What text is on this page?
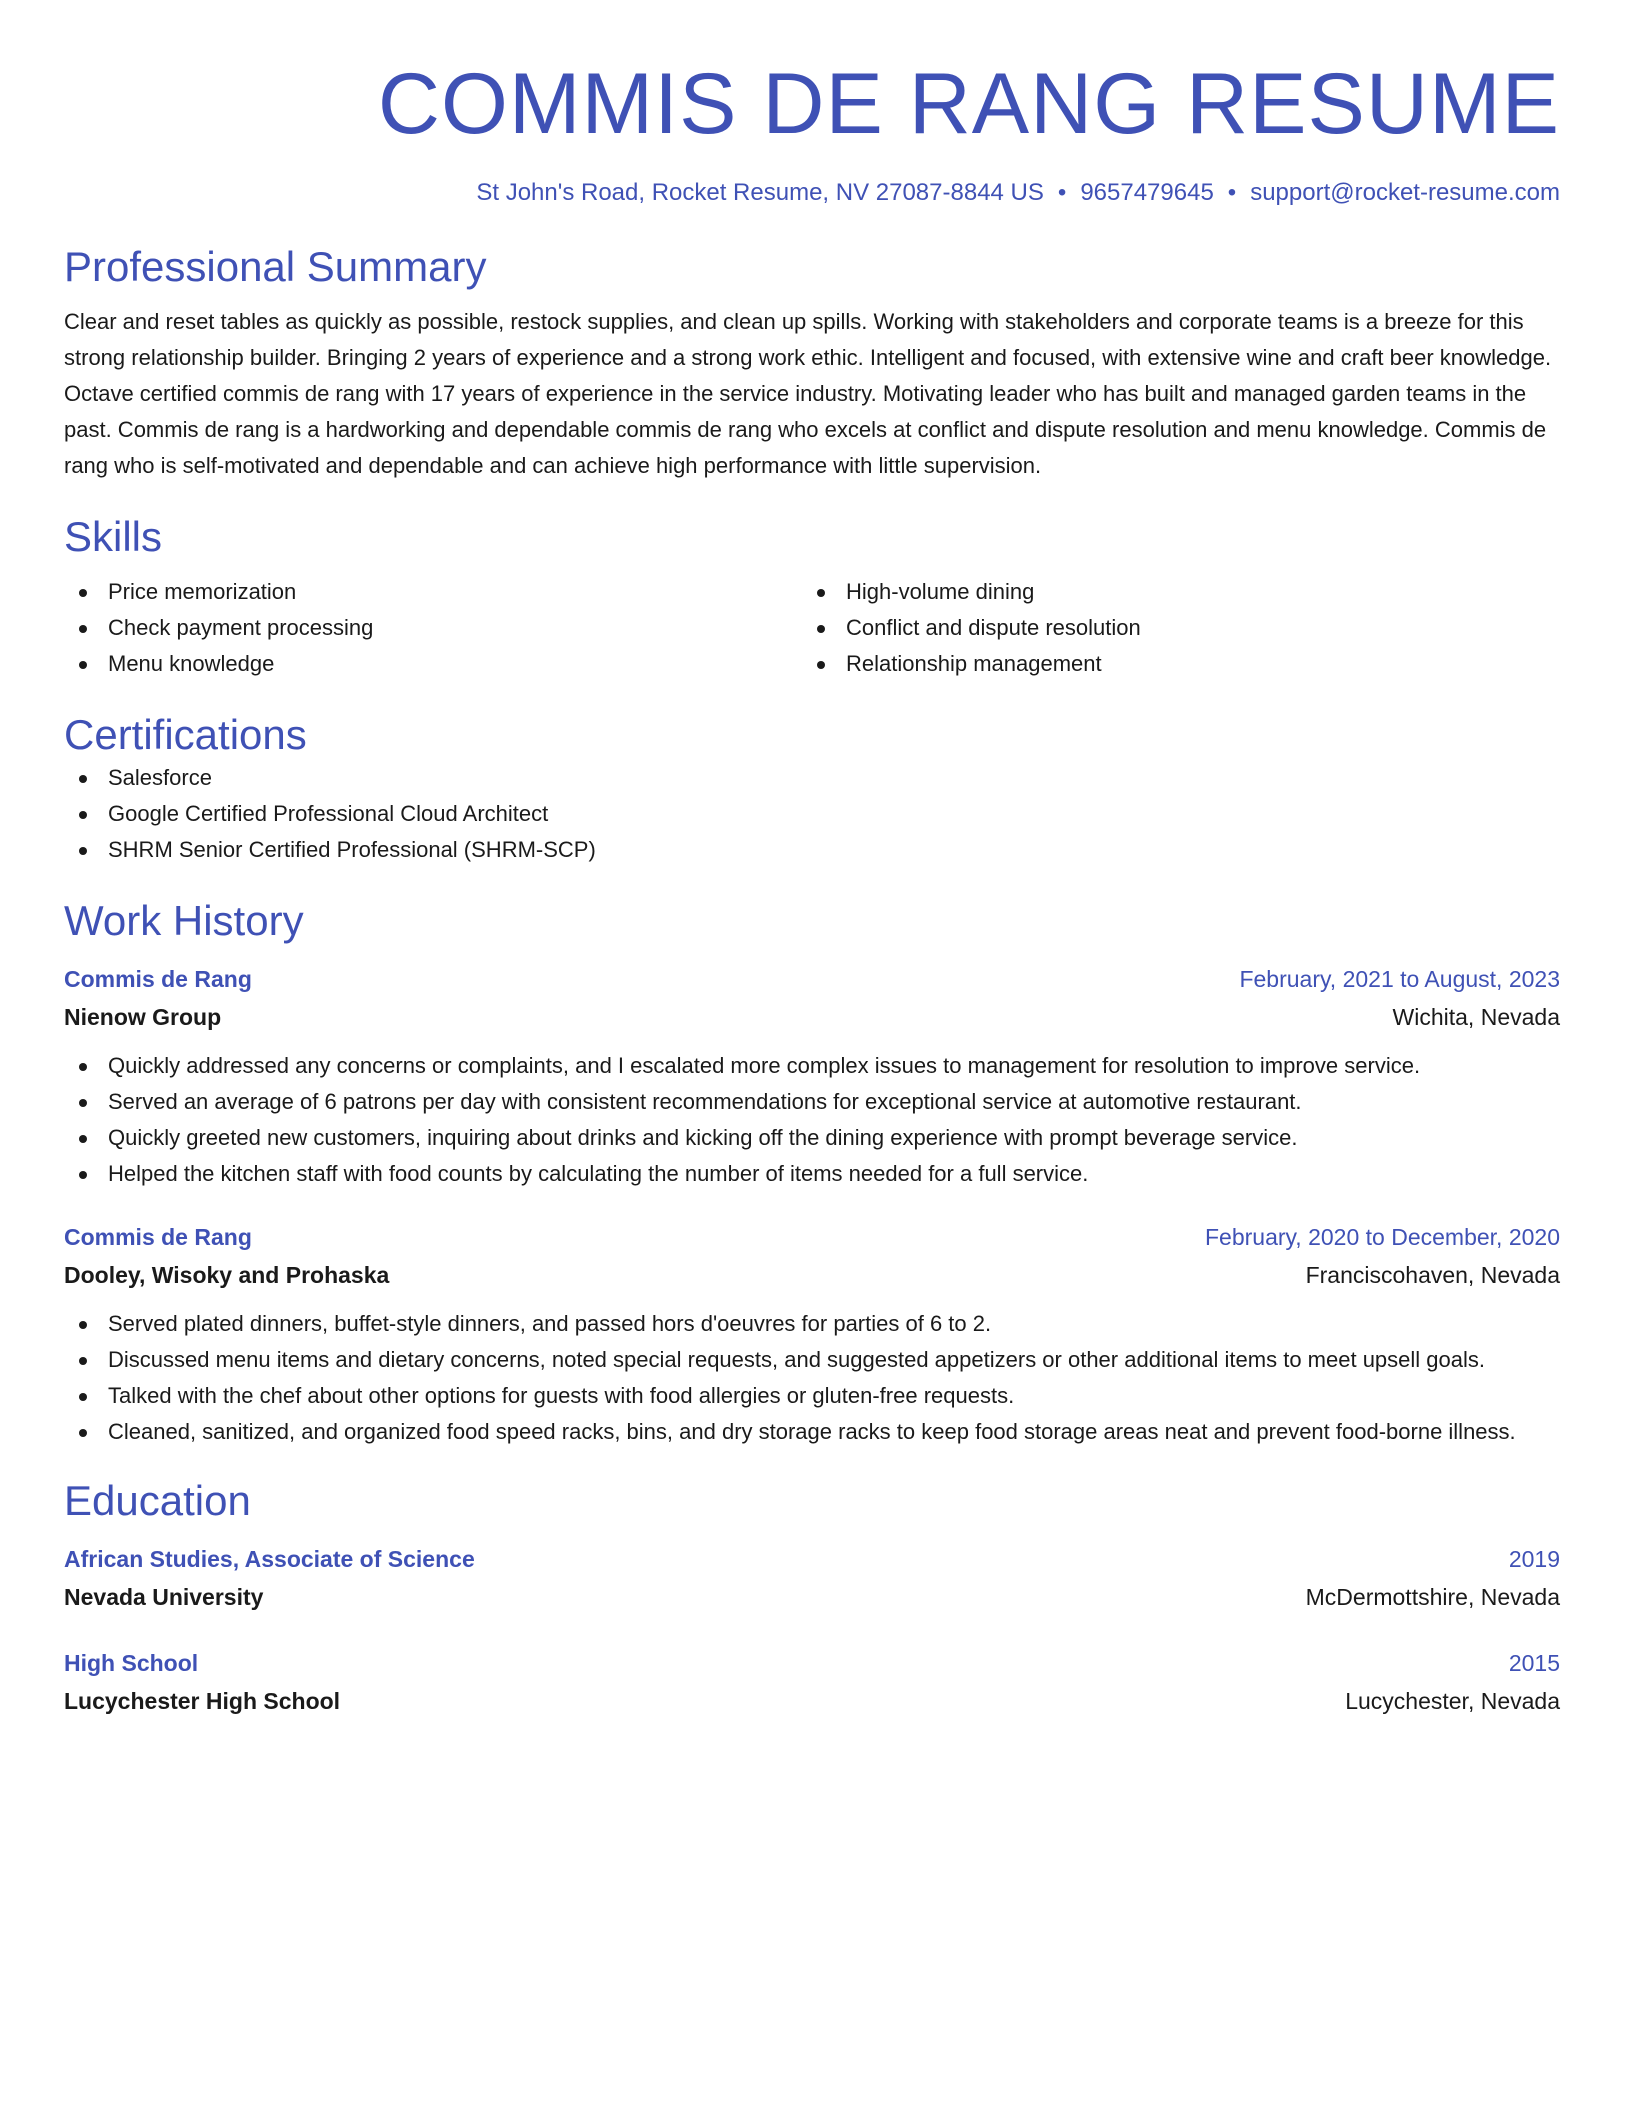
COMMIS DE RANG RESUME
St John's Road, Rocket Resume, NV 27087-8844 US • 9657479645 • support@rocket-resume.com
Professional Summary
Clear and reset tables as quickly as possible, restock supplies, and clean up spills. Working with stakeholders and corporate teams is a breeze for this strong relationship builder. Bringing 2 years of experience and a strong work ethic. Intelligent and focused, with extensive wine and craft beer knowledge. Octave certified commis de rang with 17 years of experience in the service industry. Motivating leader who has built and managed garden teams in the past. Commis de rang is a hardworking and dependable commis de rang who excels at conflict and dispute resolution and menu knowledge. Commis de rang who is self-motivated and dependable and can achieve high performance with little supervision.
Skills
Price memorization
Check payment processing
Menu knowledge
High-volume dining
Conflict and dispute resolution
Relationship management
Certifications
Salesforce
Google Certified Professional Cloud Architect
SHRM Senior Certified Professional (SHRM-SCP)
Work History
Commis de Rang	February, 2021 to August, 2023
Nienow Group	Wichita, Nevada
Quickly addressed any concerns or complaints, and I escalated more complex issues to management for resolution to improve service.
Served an average of 6 patrons per day with consistent recommendations for exceptional service at automotive restaurant.
Quickly greeted new customers, inquiring about drinks and kicking off the dining experience with prompt beverage service.
Helped the kitchen staff with food counts by calculating the number of items needed for a full service.
Commis de Rang	February, 2020 to December, 2020
Dooley, Wisoky and Prohaska	Franciscohaven, Nevada
Served plated dinners, buffet-style dinners, and passed hors d'oeuvres for parties of 6 to 2.
Discussed menu items and dietary concerns, noted special requests, and suggested appetizers or other additional items to meet upsell goals.
Talked with the chef about other options for guests with food allergies or gluten-free requests.
Cleaned, sanitized, and organized food speed racks, bins, and dry storage racks to keep food storage areas neat and prevent food-borne illness.
Education
African Studies, Associate of Science	2019
Nevada University	McDermottshire, Nevada
High School	2015
Lucychester High School	Lucychester, Nevada
